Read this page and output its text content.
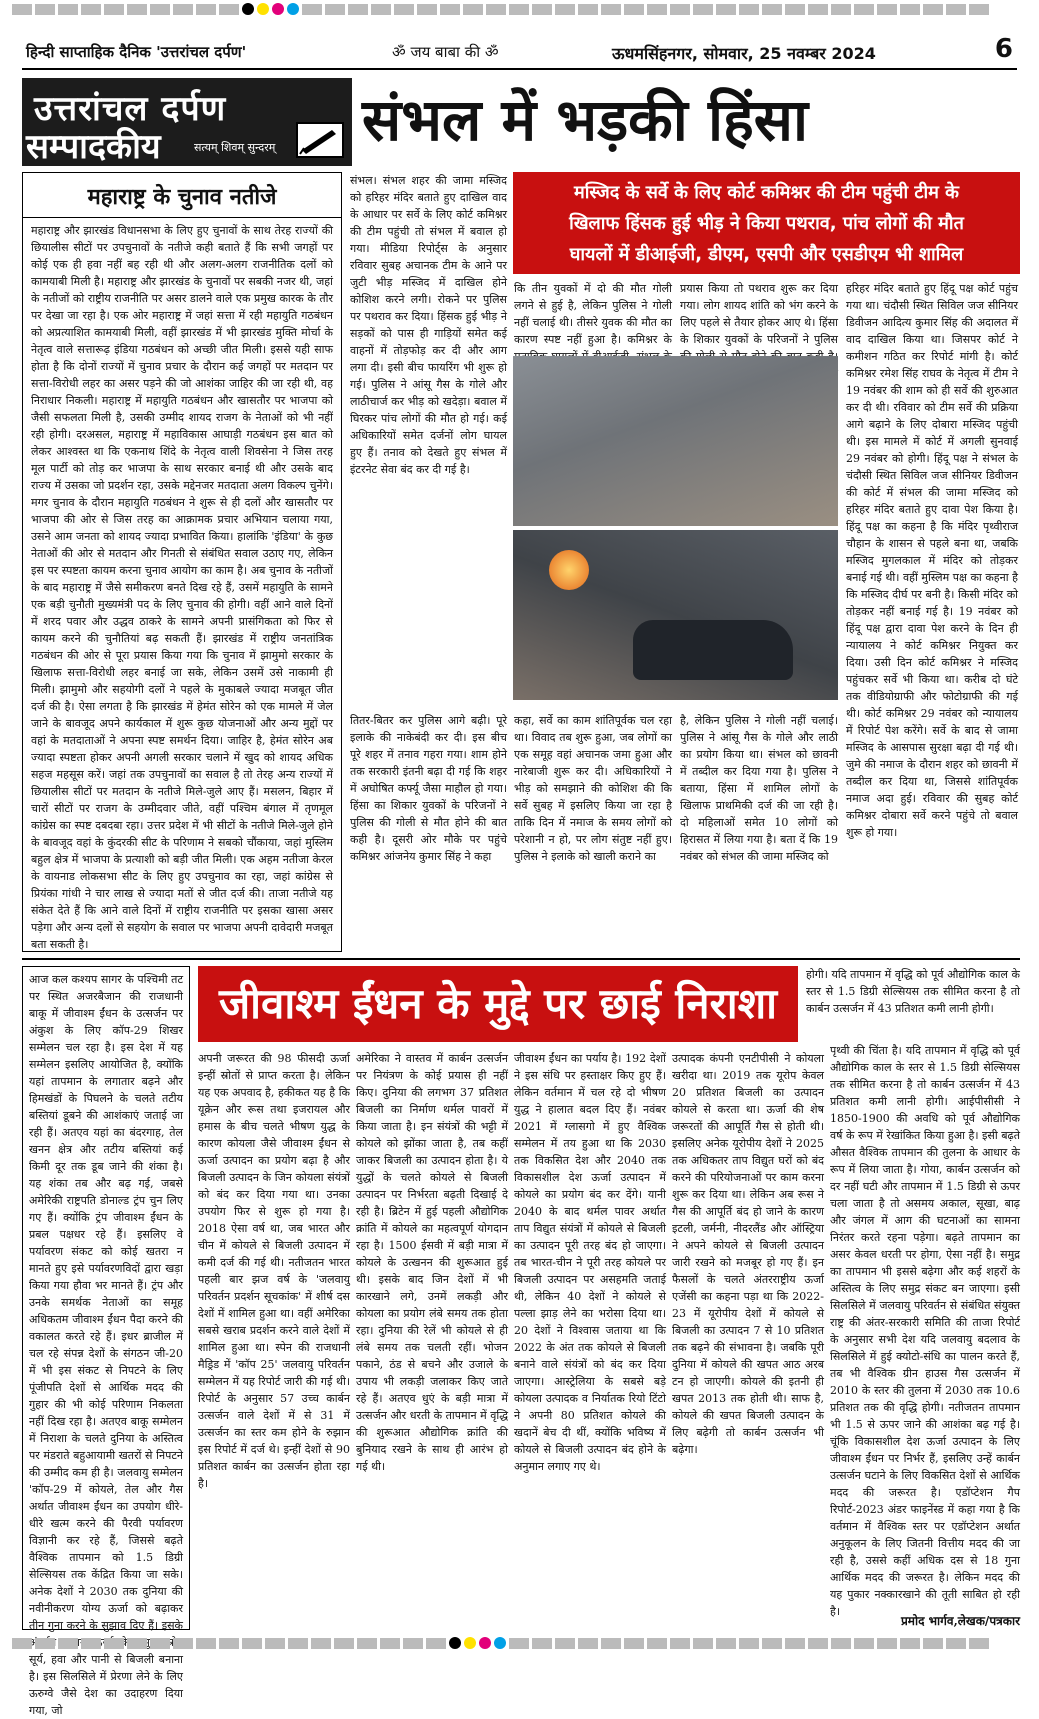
हिन्दी साप्ताहिक दैनिक 'उत्तरांचल दर्पण'	ॐ जय बाबा की ॐ	ऊधमसिंहनगर, सोमवार, 25 नवम्बर 2024	6
उत्तरांचल दर्पण
सम्पादकीय	सत्यम् शिवम् सुन्दरम् संभल में भड़की हिंसा
महाराष्ट्र के चुनाव नतीजे
महाराष्ट्र और झारखंड विधानसभा के लिए हुए चुनावों के साथ तेरह राज्यों की छियालीस सीटों पर उपचुनावों के नतीजे कही बताते हैं कि सभी जगहों पर कोई एक ही हवा नहीं बह रही थी और अलग-अलग राजनीतिक दलों को कामयाबी मिली है। महाराष्ट्र और झारखंड के चुनावों पर सबकी नजर थी, जहां के नतीजों को राष्ट्रीय राजनीति पर असर डालने वाले एक प्रमुख कारक के तौर पर देखा जा रहा है। एक ओर महाराष्ट्र में जहां सत्ता में रही महायुति गठबंधन को अप्रत्याशित कामयाबी मिली, वहीं झारखंड में भी झारखंड मुक्ति मोर्चा के नेतृत्व वाले सत्तारूढ़ इंडिया गठबंधन को अच्छी जीत मिली। इससे यही साफ होता है कि दोनों राज्यों में चुनाव प्रचार के दौरान कई जगहों पर मतदान पर सत्ता-विरोधी लहर का असर पड़ने की जो आशंका जाहिर की जा रही थी, वह निराधार निकली। महाराष्ट्र में महायुति गठबंधन और खासतौर पर भाजपा को जैसी सफलता मिली है, उसकी उम्मीद शायद राजग के नेताओं को भी नहीं रही होगी। दरअसल, महाराष्ट्र में महाविकास आघाड़ी गठबंधन इस बात को लेकर आश्वस्त था कि एकनाथ शिंदे के नेतृत्व वाली शिवसेना ने जिस तरह मूल पार्टी को तोड़ कर भाजपा के साथ सरकार बनाई थी और उसके बाद राज्य में उसका जो प्रदर्शन रहा, उसके मद्देनजर मतदाता अलग विकल्प चुनेंगे। मगर चुनाव के दौरान महायुति गठबंधन ने शुरू से ही दलों और खासतौर पर भाजपा की ओर से जिस तरह का आक्रामक प्रचार अभियान चलाया गया, उसने आम जनता को शायद ज्यादा प्रभावित किया। हालांकि 'इंडिया' के कुछ नेताओं की ओर से मतदान और गिनती से संबंधित सवाल उठाए गए, लेकिन इस पर स्पष्टता कायम करना चुनाव आयोग का काम है। अब चुनाव के नतीजों के बाद महाराष्ट्र में जैसे समीकरण बनते दिख रहे हैं, उसमें महायुति के सामने एक बड़ी चुनौती मुख्यमंत्री पद के लिए चुनाव की होगी। वहीं आने वाले दिनों में शरद पवार और उद्धव ठाकरे के सामने अपनी प्रासंगिकता को फिर से कायम करने की चुनौतियां बढ़ सकती हैं। झारखंड में राष्ट्रीय जनतांत्रिक गठबंधन की ओर से पूरा प्रयास किया गया कि चुनाव में झामुमो सरकार के खिलाफ सत्ता-विरोधी लहर बनाई जा सके, लेकिन उसमें उसे नाकामी ही मिली। झामुमो और सहयोगी दलों ने पहले के मुकाबले ज्यादा मजबूत जीत दर्ज की है। ऐसा लगता है कि झारखंड में हेमंत सोरेन को एक मामले में जेल जाने के बावजूद अपने कार्यकाल में शुरू कुछ योजनाओं और अन्य मुद्दों पर वहां के मतदाताओं ने अपना स्पष्ट समर्थन दिया। जाहिर है, हेमंत सोरेन अब ज्यादा स्पष्टता होकर अपनी अगली सरकार चलाने में खुद को शायद अधिक सहज महसूस करें। जहां तक उपचुनावों का सवाल है तो तेरह अन्य राज्यों में छियालीस सीटों पर मतदान के नतीजे मिले-जुले आए हैं। मसलन, बिहार में चारों सीटों पर राजग के उम्मीदवार जीते, वहीं पश्चिम बंगाल में तृणमूल कांग्रेस का स्पष्ट दबदबा रहा। उत्तर प्रदेश में भी सीटों के नतीजे मिले-जुले होने के बावजूद वहां के कुंदरकी सीट के परिणाम ने सबको चौंकाया, जहां मुस्लिम बहुल क्षेत्र में भाजपा के प्रत्याशी को बड़ी जीत मिली। एक अहम नतीजा केरल के वायनाड लोकसभा सीट के लिए हुए उपचुनाव का रहा, जहां कांग्रेस से प्रियंका गांधी ने चार लाख से ज्यादा मतों से जीत दर्ज की। ताजा नतीजे यह संकेत देते हैं कि आने वाले दिनों में राष्ट्रीय राजनीति पर इसका खासा असर पड़ेगा और अन्य दलों से सहयोग के सवाल पर भाजपा अपनी दावेदारी मजबूत बता सकती है।
संभल। संभल शहर की जामा मस्जिद को हरिहर मंदिर बताते हुए दाखिल वाद के आधार पर सर्वे के लिए कोर्ट कमिश्नर की टीम पहुंची तो संभल में बवाल हो गया। मीडिया रिपोर्ट्स के अनुसार रविवार सुबह अचानक टीम के आने पर जुटी भीड़ मस्जिद में दाखिल होने कोशिश करने लगी। रोकने पर पुलिस पर पथराव कर दिया। हिंसक हुई भीड़ ने सड़कों को पास ही गाड़ियों समेत कई वाहनों में तोड़फोड़ कर दी और आग लगा दी। इसी बीच फायरिंग भी शुरू हो गई। पुलिस ने आंसू गैस के गोले और लाठीचार्ज कर भीड़ को खदेड़ा। बवाल में घिरकर पांच लोगों की मौत हो गई। कई अधिकारियों समेत दर्जनों लोग घायल हुए हैं। तनाव को देखते हुए संभल में इंटरनेट सेवा बंद कर दी गई है।
मस्जिद के सर्वे के लिए कोर्ट कमिश्नर की टीम पहुंची टीम के
खिलाफ हिंसक हुई भीड़ ने किया पथराव, पांच लोगों की मौत
घायलों में डीआईजी, डीएम, एसपी और एसडीएम भी शामिल
कि तीन युवकों में दो की मौत गोली लगने से हुई है, लेकिन पुलिस ने गोली नहीं चलाई थी। तीसरे युवक की मौत का कारण स्पष्ट नहीं हुआ है। कमिश्नर के
प्रयास किया तो पथराव शुरू कर दिया गया। लोग शायद शांति को भंग करने के लिए पहले से तैयार होकर आए थे। हिंसा के शिकार युवकों के परिजनों ने पुलिस
हरिहर मंदिर बताते हुए हिंदू पक्ष कोर्ट पहुंच गया था। चंदौसी स्थित सिविल जज सीनियर डिवीजन आदित्य कुमार सिंह की अदालत में वाद दाखिल किया था। जिसपर कोर्ट ने कमीशन गठित कर रिपोर्ट मांगी है। कोर्ट कमिश्नर रमेश सिंह राघव के नेतृत्व में टीम ने 19 नवंबर की शाम को ही सर्वे की शुरुआत कर दी थी। रविवार को टीम सर्वे की प्रक्रिया आगे बढ़ाने के लिए दोबारा मस्जिद पहुंची थी। इस मामले में कोर्ट में अगली सुनवाई 29 नवंबर को होगी। हिंदू पक्ष ने संभल के चंदौसी स्थित सिविल जज सीनियर डिवीजन की कोर्ट में संभल की जामा मस्जिद को हरिहर मंदिर बताते हुए दावा पेश किया है। हिंदू पक्ष का कहना है कि मंदिर पृथ्वीराज चौहान के शासन से पहले बना था, जबकि मस्जिद मुगलकाल में मंदिर को तोड़कर बनाई गई थी। वहीं मुस्लिम पक्ष का कहना है कि मस्जिद दीर्घ पर बनी है। किसी मंदिर को तोड़कर नहीं बनाई गई है। 19 नवंबर को हिंदू पक्ष द्वारा दावा पेश करने के दिन ही न्यायालय ने कोर्ट कमिश्नर नियुक्त कर दिया। उसी दिन कोर्ट कमिश्नर ने मस्जिद पहुंचकर सर्वे भी किया था। करीब दो घंटे तक वीडियोग्राफी और फोटोग्राफी की गई थी। कोर्ट कमिश्नर 29 नवंबर को न्यायालय में रिपोर्ट पेश करेंगे। सर्वे के बाद से जामा मस्जिद के आसपास सुरक्षा बढ़ा दी गई थी। जुमे की नमाज के दौरान शहर को छावनी में तब्दील कर दिया था, जिससे शांतिपूर्वक नमाज अदा हुई। रविवार की सुबह कोर्ट कमिश्नर दोबारा सर्वे करने पहुंचे तो बवाल शुरू हो गया।
तितर-बितर कर पुलिस आगे बढ़ी। पूरे इलाके की नाकेबंदी कर दी। इस बीच पूरे शहर में तनाव गहरा गया। शाम होने तक सरकारी इंतनी बढ़ा दी गई कि शहर में अघोषित कर्फ्यू जैसा माहौल हो गया। हिंसा का शिकार युवकों के परिजनों ने पुलिस की गोली से मौत होने की बात कही है। दूसरी ओर मौके पर पहुंचे कमिश्नर आंजनेय कुमार सिंह ने कहा
कहा, सर्वे का काम शांतिपूर्वक चल रहा था। विवाद तब शुरू हुआ, जब लोगों का एक समूह वहां अचानक जमा हुआ और नारेबाजी शुरू कर दी। अधिकारियों ने भीड़ को समझाने की कोशिश की कि सर्वे सुबह में इसलिए किया जा रहा है ताकि दिन में नमाज के समय लोगों को परेशानी न हो, पर लोग संतुष्ट नहीं हुए। पुलिस ने इलाके को खाली कराने का
है, लेकिन पुलिस ने गोली नहीं चलाई। पुलिस ने आंसू गैस के गोले और लाठी का प्रयोग किया था। संभल को छावनी में तब्दील कर दिया गया है। पुलिस ने बताया, हिंसा में शामिल लोगों के खिलाफ प्राथमिकी दर्ज की जा रही है। दो महिलाओं समेत 10 लोगों को हिरासत में लिया गया है। बता दें कि 19 नवंबर को संभल की जामा मस्जिद को
आज कल कश्यप सागर के पश्चिमी तट पर स्थित अजरबैजान की राजधानी बाकू में जीवाश्म ईंधन के उत्सर्जन पर अंकुश के लिए कॉप-29 शिखर सम्मेलन चल रहा है। इस देश में यह सम्मेलन इसलिए आयोजित है, क्योंकि यहां तापमान के लगातार बढ़ने और हिमखंडों के पिघलने के चलते तटीय बस्तियां डूबने की आशंकाएं जताई जा रही हैं। अतएव यहां का बंदरगाह, तेल खनन क्षेत्र और तटीय बस्तियां कई किमी दूर तक डूब जाने की शंका है। यह शंका तब और बढ़ गई, जबसे अमेरिकी राष्ट्रपति डोनाल्ड ट्रंप चुन लिए गए हैं। क्योंकि ट्रंप जीवाश्म ईंधन के प्रबल पक्षधर रहे हैं। इसलिए वे पर्यावरण संकट को कोई खतरा न मानते हुए इसे पर्यावरणविदों द्वारा खड़ा किया गया हौवा भर मानते हैं। ट्रंप और उनके समर्थक नेताओं का समूह अधिकतम जीवाश्म ईंधन पैदा करने की वकालत करते रहे हैं। इधर ब्राजील में चल रहे संपन्न देशों के संगठन जी-20 में भी इस संकट से निपटने के लिए पूंजीपति देशों से आर्थिक मदद की गुहार की भी कोई परिणाम निकलता नहीं दिख रहा है। अतएव बाकू सम्मेलन में निराशा के चलते दुनिया के अस्तित्व पर मंडराते बहुआयामी खतरों से निपटने की उम्मीद कम ही है। जलवायु सम्मेलन 'कॉप-29 में कोयले, तेल और गैस अर्थात जीवाश्म ईंधन का उपयोग धीरे-धीरे खत्म करने की पैरवी पर्यावरण विज्ञानी कर रहे हैं, जिससे बढ़ते वैश्विक तापमान को 1.5 डिग्री सेल्सियस तक केंद्रित किया जा सके। अनेक देशों ने 2030 तक दुनिया की नवीनीकरण योग्य ऊर्जा को बढ़ाकर तीन गुना करने के सुझाव दिए हैं। इसके के प्रमुख सूर्य, हवा और पानी से बिजली बनाना है। इस सिलसिले में प्रेरणा लेने के लिए ऊरुग्वे जैसे देश का उदाहरण दिया गया, जो
जीवाश्म ईंधन के मुद्दे पर छाई निराशा
होगी। यदि तापमान में वृद्धि को पूर्व औद्योगिक काल के स्तर से 1.5 डिग्री सेल्सियस तक सीमित करना है तो कार्बन उत्सर्जन में 43 प्रतिशत कमी लानी होगी।
अपनी जरूरत की 98 फीसदी ऊर्जा इन्हीं स्रोतों से प्राप्त करता है। लेकिन यह एक अपवाद है, हकीकत यह है कि यूक्रेन और रूस तथा इजरायल और हमास के बीच चलते भीषण युद्ध के कारण कोयला जैसे जीवाश्म ईंधन से ऊर्जा उत्पादन का प्रयोग बढ़ा है और बिजली उत्पादन के जिन कोयला संयंत्रों को बंद कर दिया गया था। उनका उपयोग फिर से शुरू हो गया है। 2018 ऐसा वर्ष था, जब भारत और चीन में कोयले से बिजली उत्पादन में कमी दर्ज की गई थी। नतीजतन भारत पहली बार झज वर्ष के 'जलवायु परिवर्तन प्रदर्शन सूचकांक' में शीर्ष दस देशों में शामिल हुआ था। वहीं अमेरिका सबसे खराब प्रदर्शन करने वाले देशों में शामिल हुआ था। स्पेन की राजधानी मैड्रिड में 'कॉप 25' जलवायु परिवर्तन सम्मेलन में यह रिपोर्ट जारी की गई थी। रिपोर्ट के अनुसार 57 उच्च कार्बन उत्सर्जन वाले देशों में से 31 में उत्सर्जन का स्तर कम होने के रुझान इस रिपोर्ट में दर्ज थे। इन्हीं देशों से 90 प्रतिशत कार्बन का उत्सर्जन होता रहा है।
अमेरिका ने वास्तव में कार्बन उत्सर्जन पर नियंत्रण के कोई प्रयास ही नहीं किए। दुनिया की लगभग 37 प्रतिशत बिजली का निर्माण थर्मल पावरों में किया जाता है। इन संयंत्रों की भट्टी में कोयले को झोंका जाता है, तब कहीं जाकर बिजली का उत्पादन होता है। ये युद्धों के चलते कोयले से बिजली उत्पादन पर निर्भरता बढ़ती दिखाई दे रही है। ब्रिटेन में हुई पहली औद्योगिक क्रांति में कोयले का महत्वपूर्ण योगदान रहा है। 1500 ईसवी में बड़ी मात्रा में कोयले के उत्खनन की शुरूआत हुई थी। इसके बाद जिन देशों में भी कारखाने लगे, उनमें लकड़ी और कोयला का प्रयोग लंबे समय तक होता रहा। दुनिया की रेलें भी कोयले से ही लंबे समय तक चलती रहीं। भोजन पकाने, ठंड से बचने और उजाले के उपाय भी लकड़ी जलाकर किए जाते रहे हैं। अतएव धुएं के बड़ी मात्रा में उत्सर्जन और धरती के तापमान में वृद्धि की शुरूआत औद्योगिक क्रांति की बुनियाद रखने के साथ ही आरंभ हो गई थी।
जीवाश्म ईंधन का पर्याय है। 192 देशों ने इस संधि पर हस्ताक्षर किए हुए हैं। लेकिन वर्तमान में चल रहे दो भीषण युद्ध ने हालात बदल दिए हैं। नवंबर 2021 में ग्लासगो में हुए वैश्विक सम्मेलन में तय हुआ था कि 2030 तक विकसित देश और 2040 तक विकासशील देश ऊर्जा उत्पादन में कोयले का प्रयोग बंद कर देंगे। यानी 2040 के बाद थर्मल पावर अर्थात ताप विद्युत संयंत्रों में कोयले से बिजली का उत्पादन पूरी तरह बंद हो जाएगा। तब भारत-चीन ने पूरी तरह कोयले पर बिजली उत्पादन पर असहमति जताई थी, लेकिन 40 देशों ने कोयले से पल्ला झाड़ लेने का भरोसा दिया था। 20 देशों ने विश्वास जताया था कि 2022 के अंत तक कोयले से बिजली बनाने वाले संयंत्रों को बंद कर दिया जाएगा। आस्ट्रेलिया के सबसे बड़े कोयला उत्पादक व निर्यातक रियो टिंटो ने अपनी 80 प्रतिशत कोयले की खदानें बेच दी थीं, क्योंकि भविष्य में कोयले से बिजली उत्पादन बंद होने के अनुमान लगाए गए थे।
उत्पादक कंपनी एनटीपीसी ने कोयला खरीदा था। 2019 तक यूरोप केवल 20 प्रतिशत बिजली का उत्पादन कोयले से करता था। ऊर्जा की शेष जरूरतों की आपूर्ति गैस से होती थी। इसलिए अनेक यूरोपीय देशों ने 2025 तक अधिकतर ताप विद्युत घरों को बंद करने की परियोजनाओं पर काम करना शुरू कर दिया था। लेकिन अब रूस ने गैस की आपूर्ति बंद हो जाने के कारण इटली, जर्मनी, नीदरलैंड और ऑस्ट्रिया ने अपने कोयले से बिजली उत्पादन जारी रखने को मजबूर हो गए हैं। इन फैसलों के चलते अंतरराष्ट्रीय ऊर्जा एजेंसी का कहना पड़ा था कि 2022-23 में यूरोपीय देशों में कोयले से बिजली का उत्पादन 7 से 10 प्रतिशत तक बढ़ने की संभावना है। जबकि पूरी दुनिया में कोयले की खपत आठ अरब टन हो जाएगी। कोयले की इतनी ही खपत 2013 तक होती थी। साफ है, कोयले की खपत बिजली उत्पादन के लिए बढ़ेगी तो कार्बन उत्सर्जन भी बढ़ेगा।
पृथ्वी की चिंता है। यदि तापमान में वृद्धि को पूर्व औद्योगिक काल के स्तर से 1.5 डिग्री सेल्सियस तक सीमित करना है तो कार्बन उत्सर्जन में 43 प्रतिशत कमी लानी होगी। आईपीसीसी ने 1850-1900 की अवधि को पूर्व औद्योगिक वर्ष के रूप में रेखांकित किया हुआ है। इसी बढ़ते औसत वैश्विक तापमान की तुलना के आधार के रूप में लिया जाता है। गोया, कार्बन उत्सर्जन को दर नहीं घटी और तापमान में 1.5 डिग्री से ऊपर चला जाता है तो असमय अकाल, सूखा, बाढ़ और जंगल में आग की घटनाओं का सामना निरंतर करते रहना पड़ेगा। बढ़ते तापमान का असर केवल धरती पर होगा, ऐसा नहीं है। समुद्र का तापमान भी इससे बढ़ेगा और कई शहरों के अस्तित्व के लिए समुद्र संकट बन जाएगा। इसी सिलसिले में जलवायु परिवर्तन से संबंधित संयुक्त राष्ट्र की अंतर-सरकारी समिति की ताजा रिपोर्ट के अनुसार सभी देश यदि जलवायु बदलाव के सिलसिले में हुई क्योटो-संधि का पालन करते हैं, तब भी वैश्विक ग्रीन हाउस गैस उत्सर्जन में 2010 के स्तर की तुलना में 2030 तक 10.6 प्रतिशत तक की वृद्धि होगी। नतीजतन तापमान भी 1.5 से ऊपर जाने की आशंका बढ़ गई है। चूंकि विकासशील देश ऊर्जा उत्पादन के लिए जीवाश्म ईंधन पर निर्भर हैं, इसलिए उन्हें कार्बन उत्सर्जन घटाने के लिए विकसित देशों से आर्थिक मदद की जरूरत है। एडॉप्टेशन गैप रिपोर्ट-2023 अंडर फाइनेंस्ड में कहा गया है कि वर्तमान में वैश्विक स्तर पर एडॉप्टेशन अर्थात अनुकूलन के लिए जितनी वित्तीय मदद की जा रही है, उससे कहीं अधिक दस से 18 गुना आर्थिक मदद की जरूरत है। लेकिन मदद की यह पुकार नक्कारखाने की तूती साबित हो रही है।
प्रमोद भार्गव,लेखक/पत्रकार
